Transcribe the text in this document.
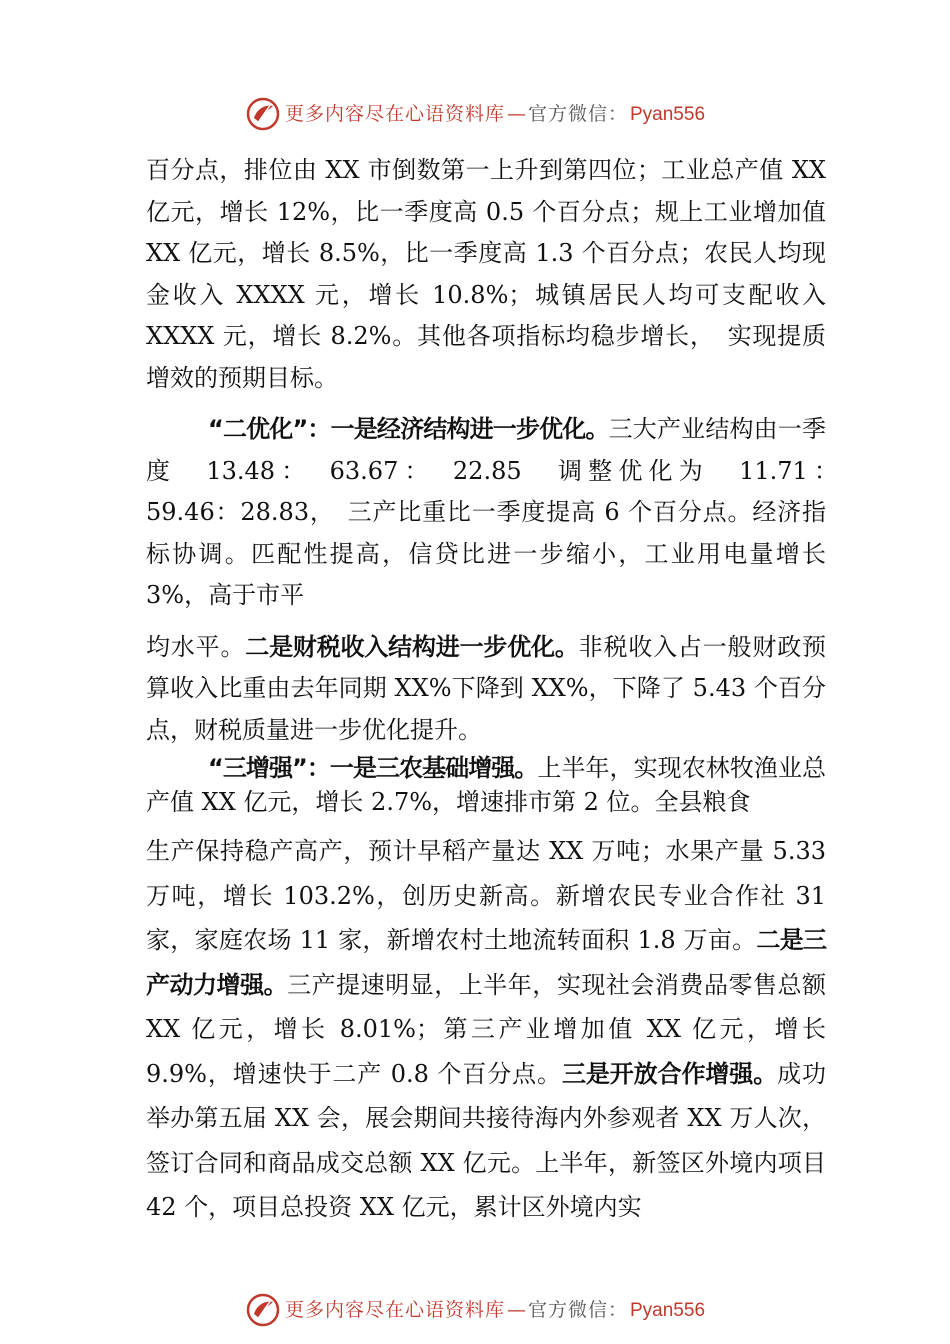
更多内容尽在心语资料库 — 官方微信： Pyan556

百分点，排位由 XX 市倒数第一上升到第四位；工业总产值 XX 亿元，增长 12%，比一季度高 0.5 个百分点；规上工业增加值 XX 亿元，增长 8.5%，比一季度高 1.3 个百分点；农民人均现金收入 XXXX 元，增长 10.8%；城镇居民人均可支配收入 XXXX 元，增长 8.2%。其他各项指标均稳步增长，　实现提质增效的预期目标。

“二优化”：一是经济结构进一步优化。三大产业结构由一季度　13.48：　63.67：　22.85　调整优化为　11.71：　59.46：28.83，　三产比重比一季度提高 6 个百分点。经济指标协调。匹配性提高，信贷比进一步缩小，工业用电量增长 3%，高于市平

均水平。二是财税收入结构进一步优化。非税收入占一般财政预算收入比重由去年同期 XX%下降到 XX%，下降了 5.43 个百分点，财税质量进一步优化提升。

“三增强”：一是三农基础增强。上半年，实现农林牧渔业总产值 XX 亿元，增长 2.7%，增速排市第 2 位。全县粮食

生产保持稳产高产，预计早稻产量达 XX 万吨；水果产量 5.33 万吨，增长 103.2%，创历史新高。新增农民专业合作社 31 家，家庭农场 11 家，新增农村土地流转面积 1.8 万亩。二是三产动力增强。三产提速明显，上半年，实现社会消费品零售总额 XX 亿元，增长 8.01%；第三产业增加值 XX 亿元，增长 9.9%，增速快于二产 0.8 个百分点。三是开放合作增强。成功举办第五届 XX 会，展会期间共接待海内外参观者 XX 万人次，签订合同和商品成交总额 XX 亿元。上半年，新签区外境内项目 42 个，项目总投资 XX 亿元，累计区外境内实

更多内容尽在心语资料库 — 官方微信： Pyan556
